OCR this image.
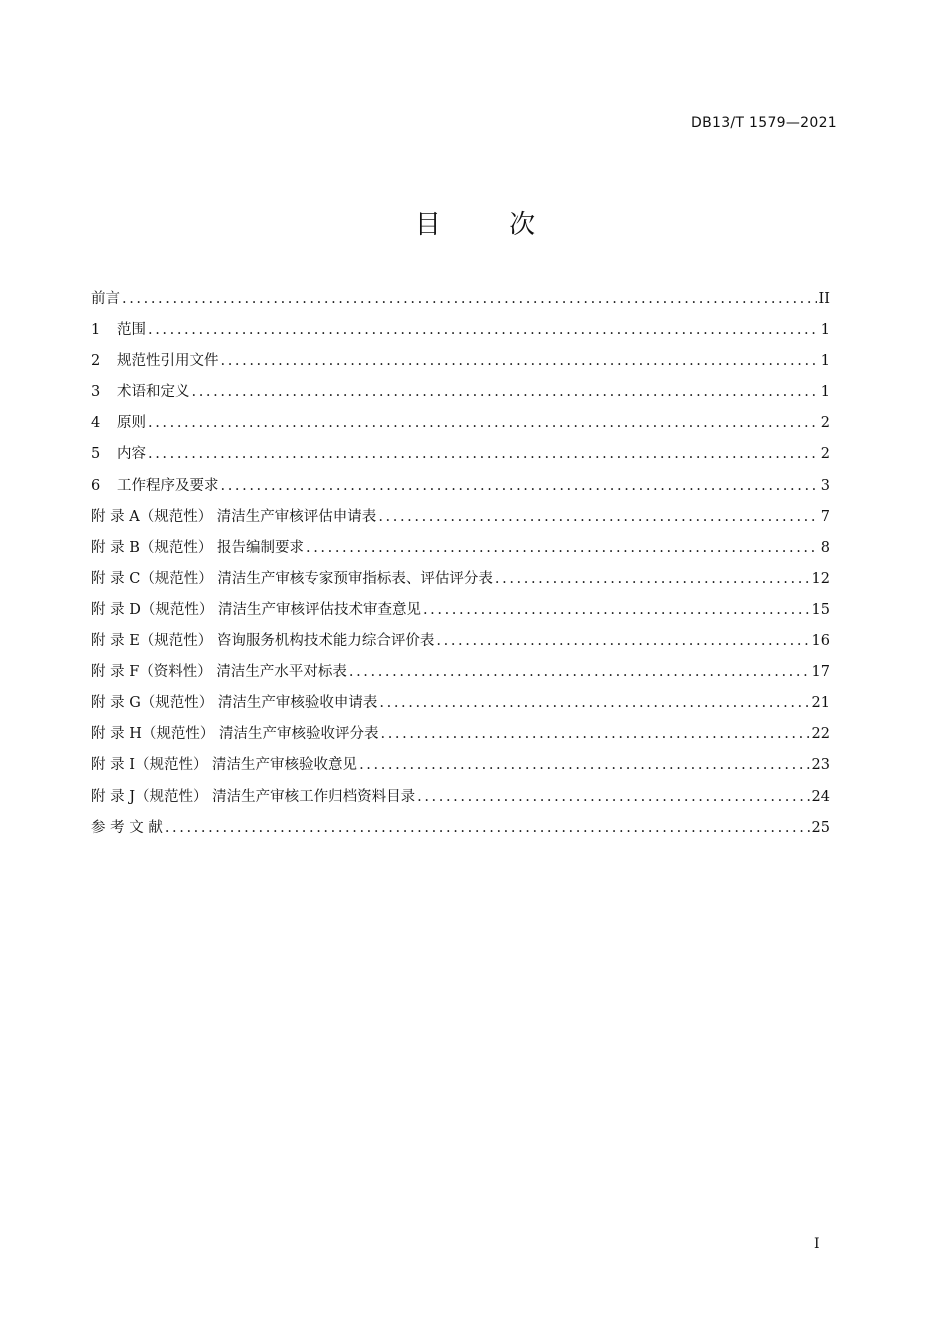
DB13/T 1579—2021
目 次
前言 .....	II
1	范围 .....	1
2	规范性引用文件 .....	1
3	术语和定义 .....	1
4	原则 .....	2
5	内容 .....	2
6	工作程序及要求 .....	3
附 录 A（规范性） 清洁生产审核评估申请表 .....	7
附 录 B（规范性） 报告编制要求 .....	8
附 录 C（规范性） 清洁生产审核专家预审指标表、评估评分表 .....	12
附 录 D（规范性） 清洁生产审核评估技术审查意见 .....	15
附 录 E（规范性） 咨询服务机构技术能力综合评价表 .....	16
附 录 F（资料性） 清洁生产水平对标表 .....	17
附 录 G（规范性） 清洁生产审核验收申请表 .....	21
附 录 H（规范性） 清洁生产审核验收评分表 .....	22
附 录 I（规范性） 清洁生产审核验收意见 .....	23
附 录 J（规范性） 清洁生产审核工作归档资料目录 .....	24
参 考 文 献 .....	25
I
